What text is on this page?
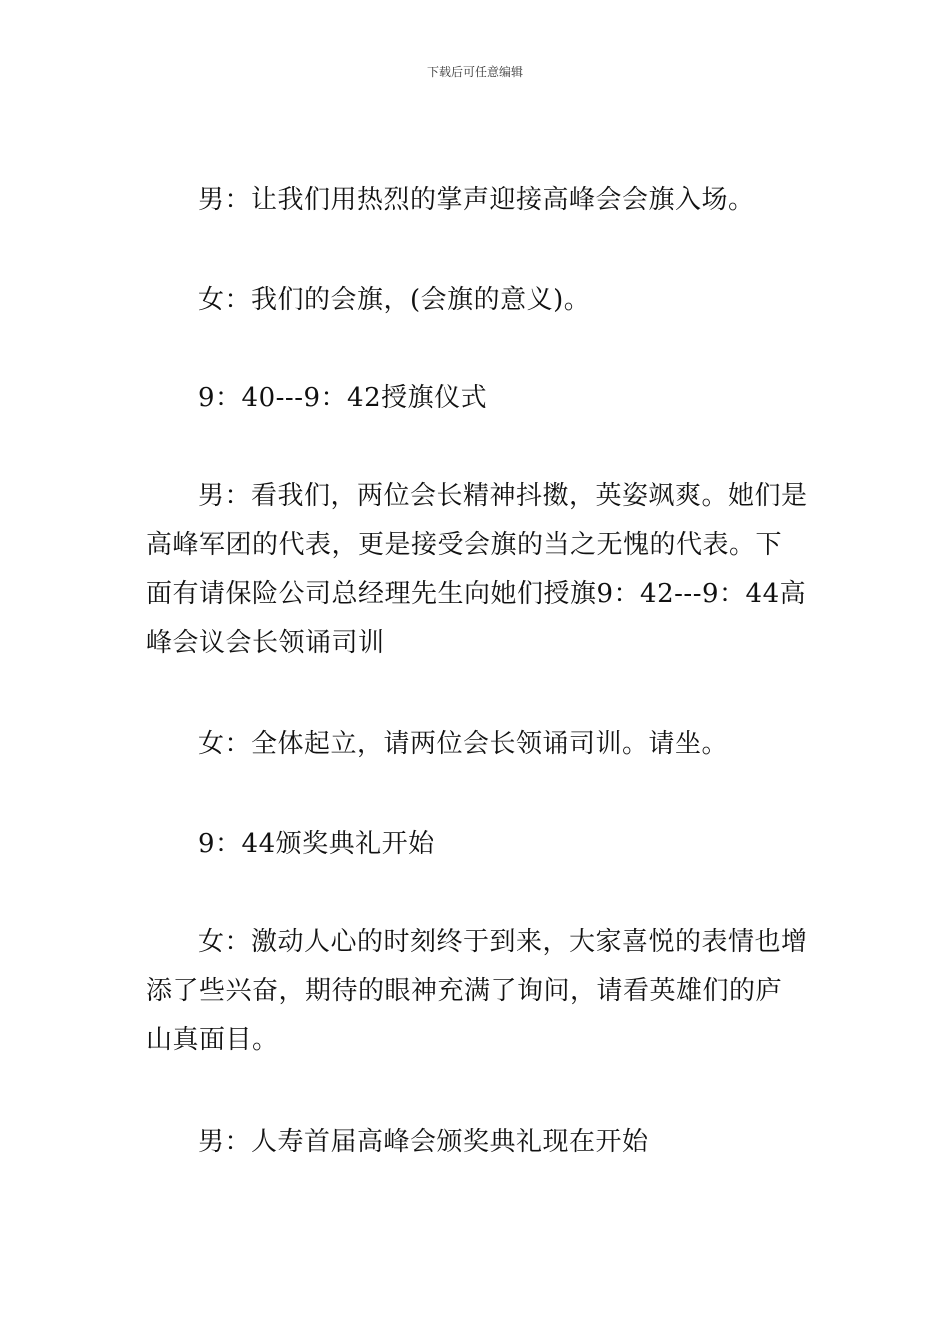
下载后可任意编辑
男：让我们用热烈的掌声迎接高峰会会旗入场。
女：我们的会旗，(会旗的意义)。
9：40---9：42授旗仪式
男：看我们，两位会长精神抖擞，英姿飒爽。她们是高峰军团的代表，更是接受会旗的当之无愧的代表。下面有请保险公司总经理先生向她们授旗9：42---9：44高峰会议会长领诵司训
女：全体起立，请两位会长领诵司训。请坐。
9：44颁奖典礼开始
女：激动人心的时刻终于到来，大家喜悦的表情也增添了些兴奋，期待的眼神充满了询问，请看英雄们的庐山真面目。
男：人寿首届高峰会颁奖典礼现在开始
